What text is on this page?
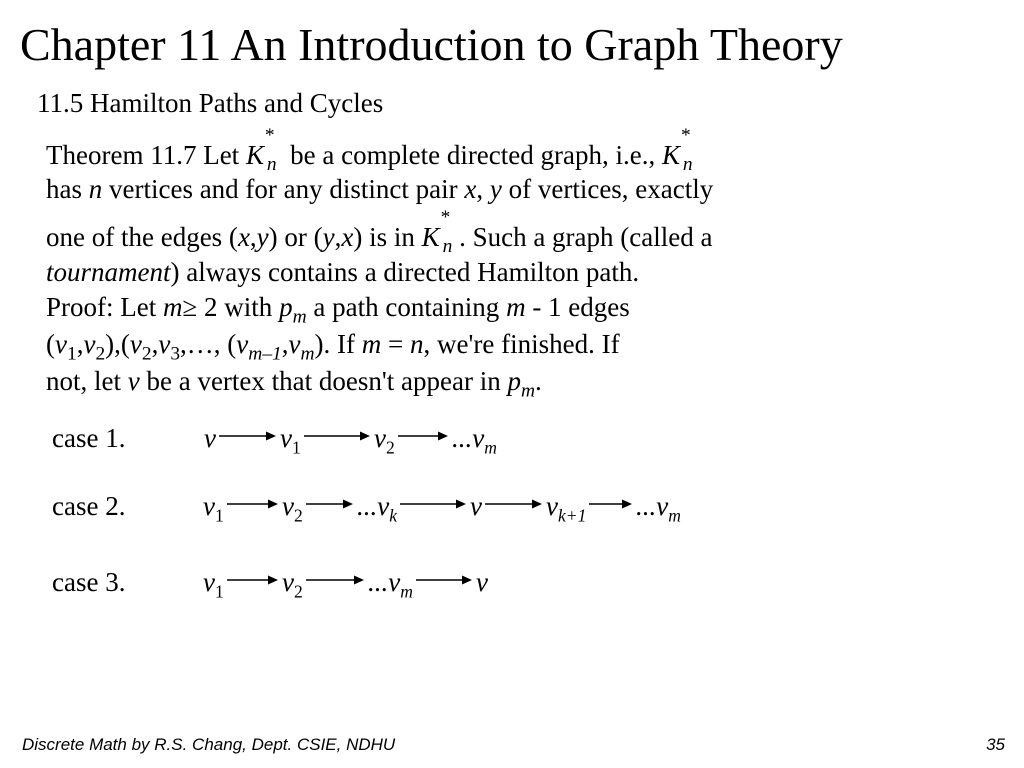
Chapter 11 An Introduction to Graph Theory
11.5 Hamilton Paths and Cycles
Theorem 11.7 Let $K^*_n$ be a complete directed graph, i.e., $K^*_n$
has n vertices and for any distinct pair x, y of vertices, exactly
one of the edges (x,y) or (y,x) is in $K^*_n$ . Such a graph (called a
tournament) always contains a directed Hamilton path.
Proof: Let m≥ 2 with $p_m$ a path containing m - 1 edges
$(v_1,v_2),(v_2,v_3,\dots$, $(v_{m-1},v_m)$. If m = n, we're finished. If
not, let v be a vertex that doesn't appear in $p_m$.
case 1.	v $v_1$	$v_2$ $...v_m$
case 2.	$v_1$ $v_2$ $...v_k$	v $v_{k+1}$ $...v_m$
case 3.	$v_1$ $v_2$ $...v_m$ v
Discrete Math by R.S. Chang, Dept. CSIE, NDHU	35
